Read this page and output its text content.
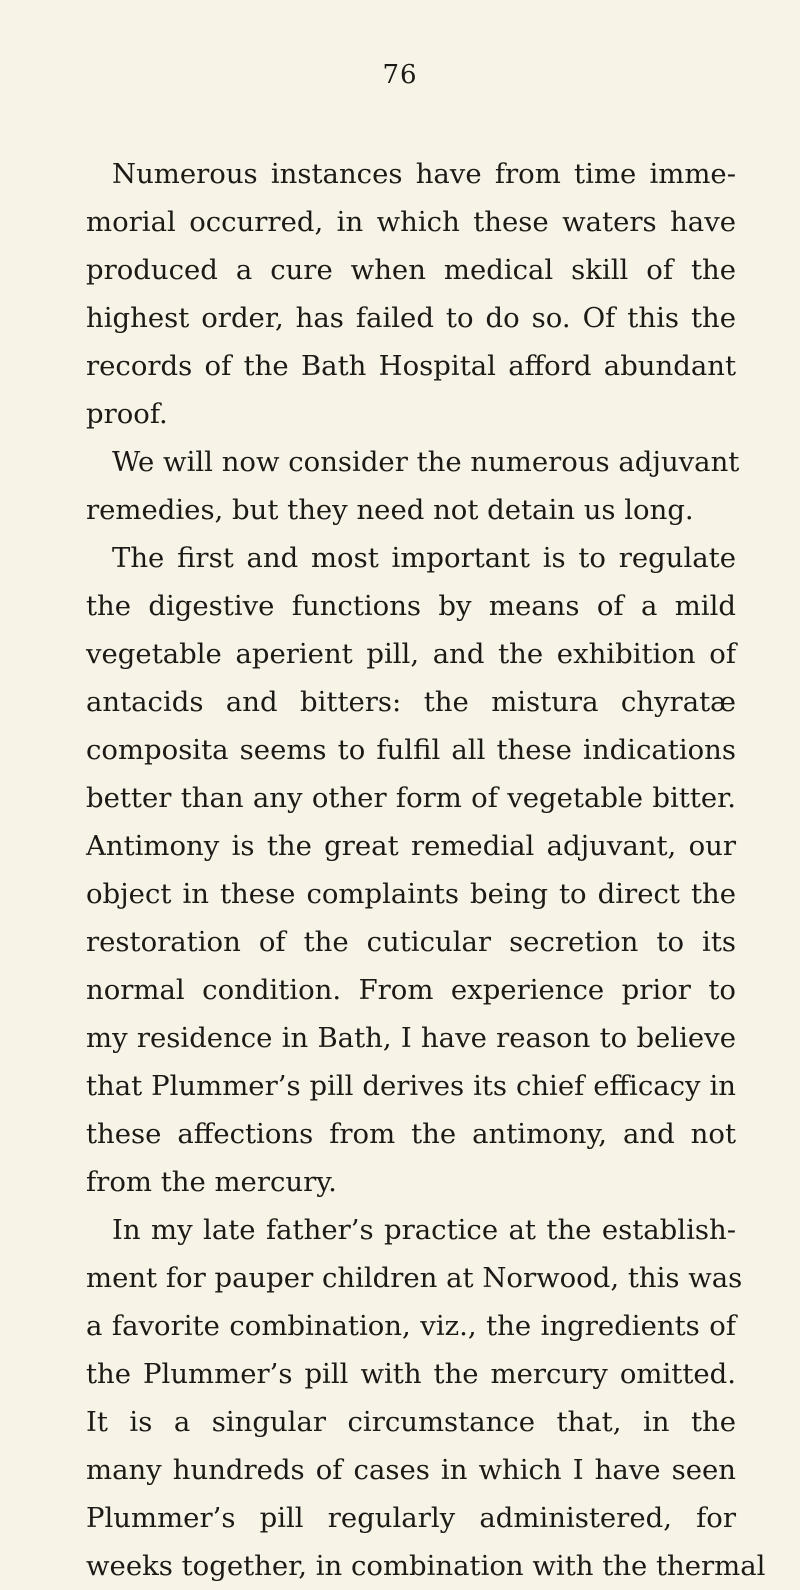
76
Numerous instances have from time imme-
morial occurred, in which these waters have
produced a cure when medical skill of the
highest order, has failed to do so. Of this the
records of the Bath Hospital afford abundant
proof.
We will now consider the numerous adjuvant
remedies, but they need not detain us long.
The first and most important is to regulate
the digestive functions by means of a mild
vegetable aperient pill, and the exhibition of
antacids and bitters: the mistura chyratæ
composita seems to fulfil all these indications
better than any other form of vegetable bitter.
Antimony is the great remedial adjuvant, our
object in these complaints being to direct the
restoration of the cuticular secretion to its
normal condition. From experience prior to
my residence in Bath, I have reason to believe
that Plummer’s pill derives its chief efficacy in
these affections from the antimony, and not
from the mercury.
In my late father’s practice at the establish-
ment for pauper children at Norwood, this was
a favorite combination, viz., the ingredients of
the Plummer’s pill with the mercury omitted.
It is a singular circumstance that, in the
many hundreds of cases in which I have seen
Plummer’s pill regularly administered, for
weeks together, in combination with the thermal
